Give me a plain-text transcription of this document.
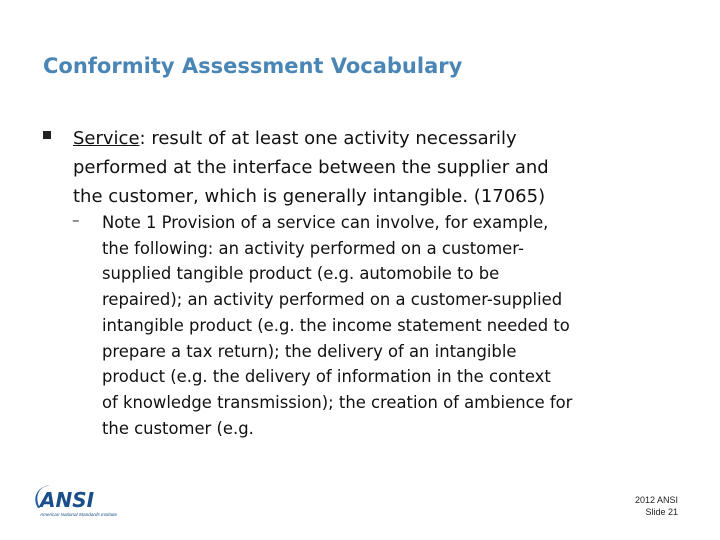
Conformity Assessment Vocabulary
Service: result of at least one activity necessarily
performed at the interface between the supplier and
the customer, which is generally intangible. (17065)
– Note 1 Provision of a service can involve, for example,
the following: an activity performed on a customer-
supplied tangible product (e.g. automobile to be
repaired); an activity performed on a customer-supplied
intangible product (e.g. the income statement needed to
prepare a tax return); the delivery of an intangible
product (e.g. the delivery of information in the context
of knowledge transmission); the creation of ambience for
the customer (e.g.
ANSI
American National Standards Institute
2012 ANSI
Slide 21
